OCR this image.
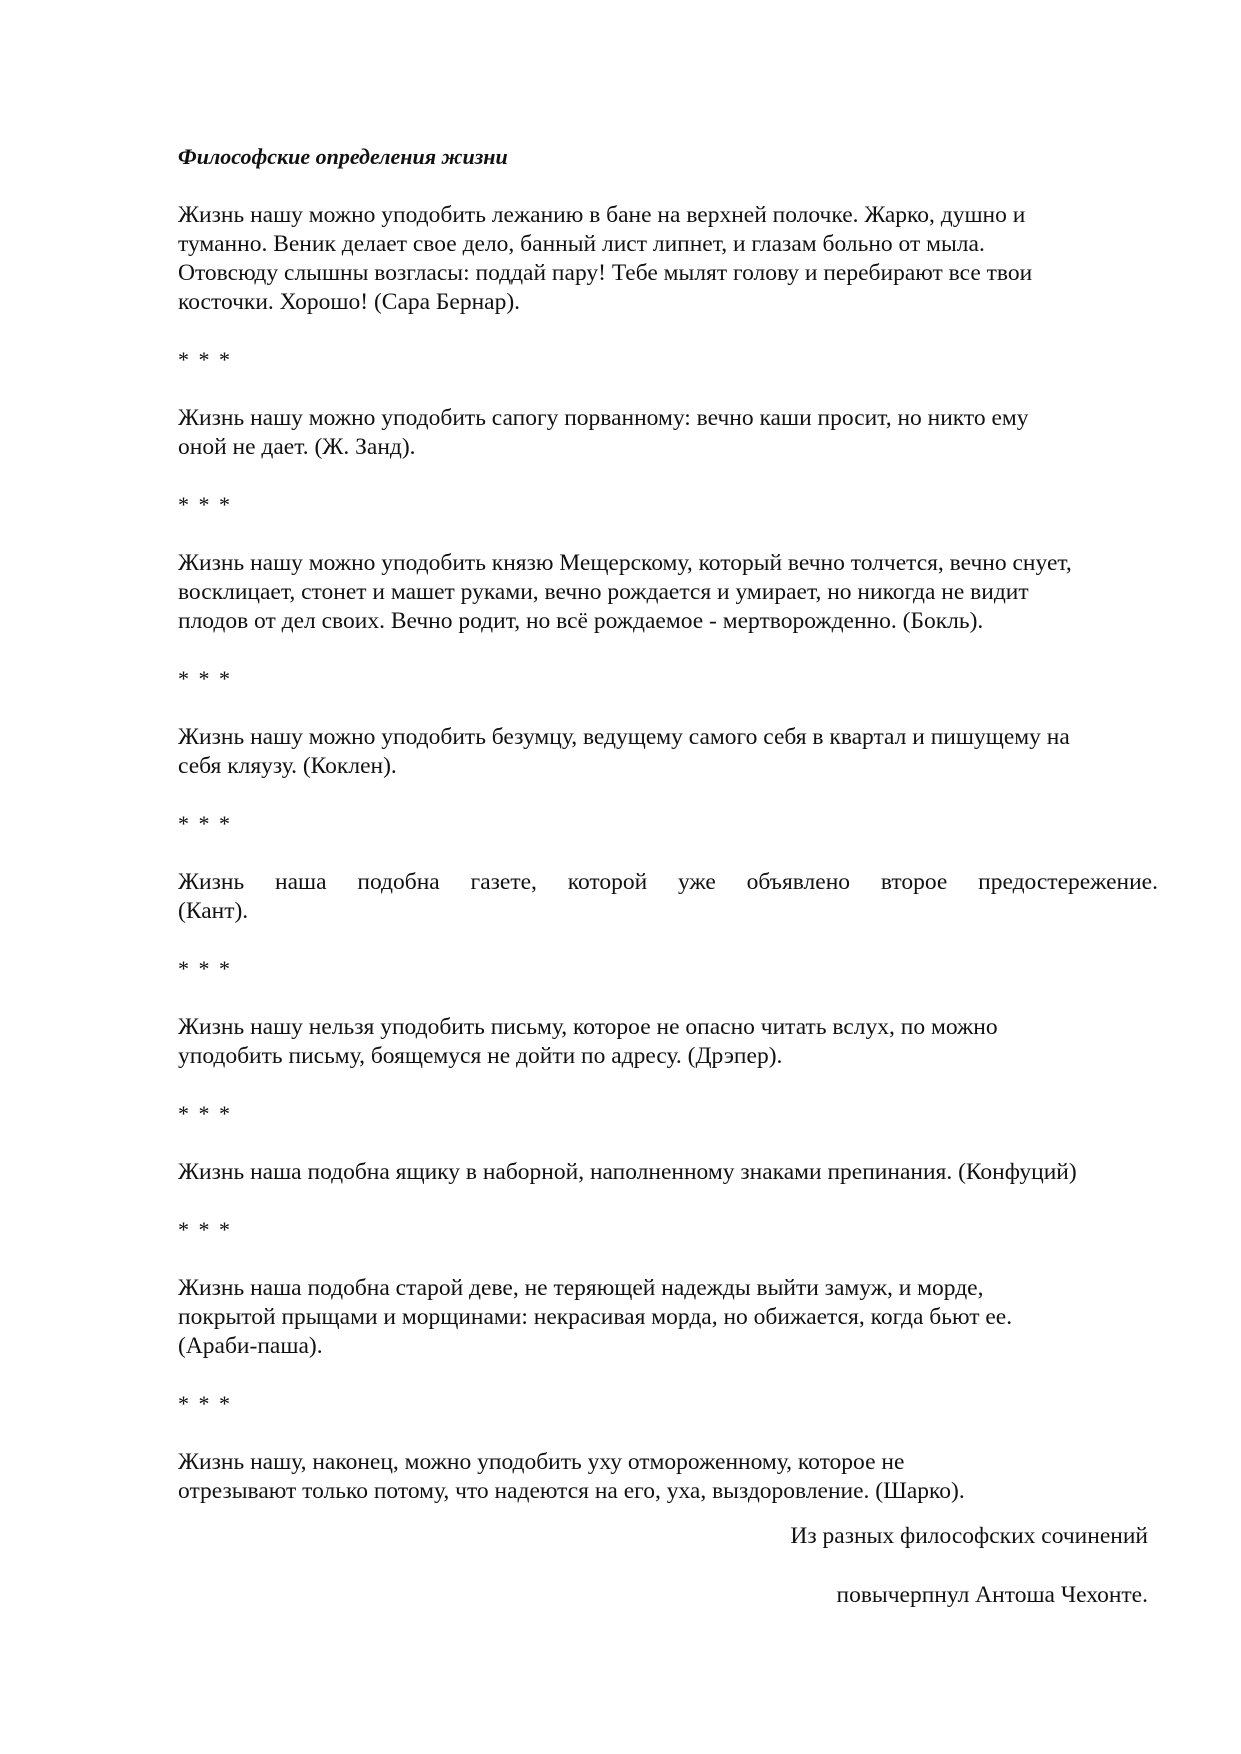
Философские определения жизни

Жизнь нашу можно уподобить лежанию в бане на верхней полочке. Жарко, душно и
туманно. Веник делает свое дело, банный лист липнет, и глазам больно от мыла.
Отовсюду слышны возгласы: поддай пару! Тебе мылят голову и перебирают все твои
косточки. Хорошо! (Сара Бернар).

* * *

Жизнь нашу можно уподобить сапогу порванному: вечно каши просит, но никто ему
оной не дает. (Ж. Занд).

* * *

Жизнь нашу можно уподобить князю Мещерскому, который вечно толчется, вечно снует,
восклицает, стонет и машет руками, вечно рождается и умирает, но никогда не видит
плодов от дел своих. Вечно родит, но всё рождаемое - мертворожденно. (Бокль).

* * *

Жизнь нашу можно уподобить безумцу, ведущему самого себя в квартал и пишущему на
себя кляузу. (Коклен).

* * *

Жизнь наша подобна газете, которой уже объявлено второе предостережение.
(Кант).

* * *

Жизнь нашу нельзя уподобить письму, которое не опасно читать вслух, по можно
уподобить письму, боящемуся не дойти по адресу. (Дрэпер).

* * *

Жизнь наша подобна ящику в наборной, наполненному знаками препинания. (Конфуций)

* * *

Жизнь наша подобна старой деве, не теряющей надежды выйти замуж, и морде,
покрытой прыщами и морщинами: некрасивая морда, но обижается, когда бьют ее.
(Араби-паша).

* * *

Жизнь нашу, наконец, можно уподобить уху отмороженному, которое не
отрезывают только потому, что надеются на его, уха, выздоровление. (Шарко).

Из разных философских сочинений

повычерпнул Антоша Чехонте.
